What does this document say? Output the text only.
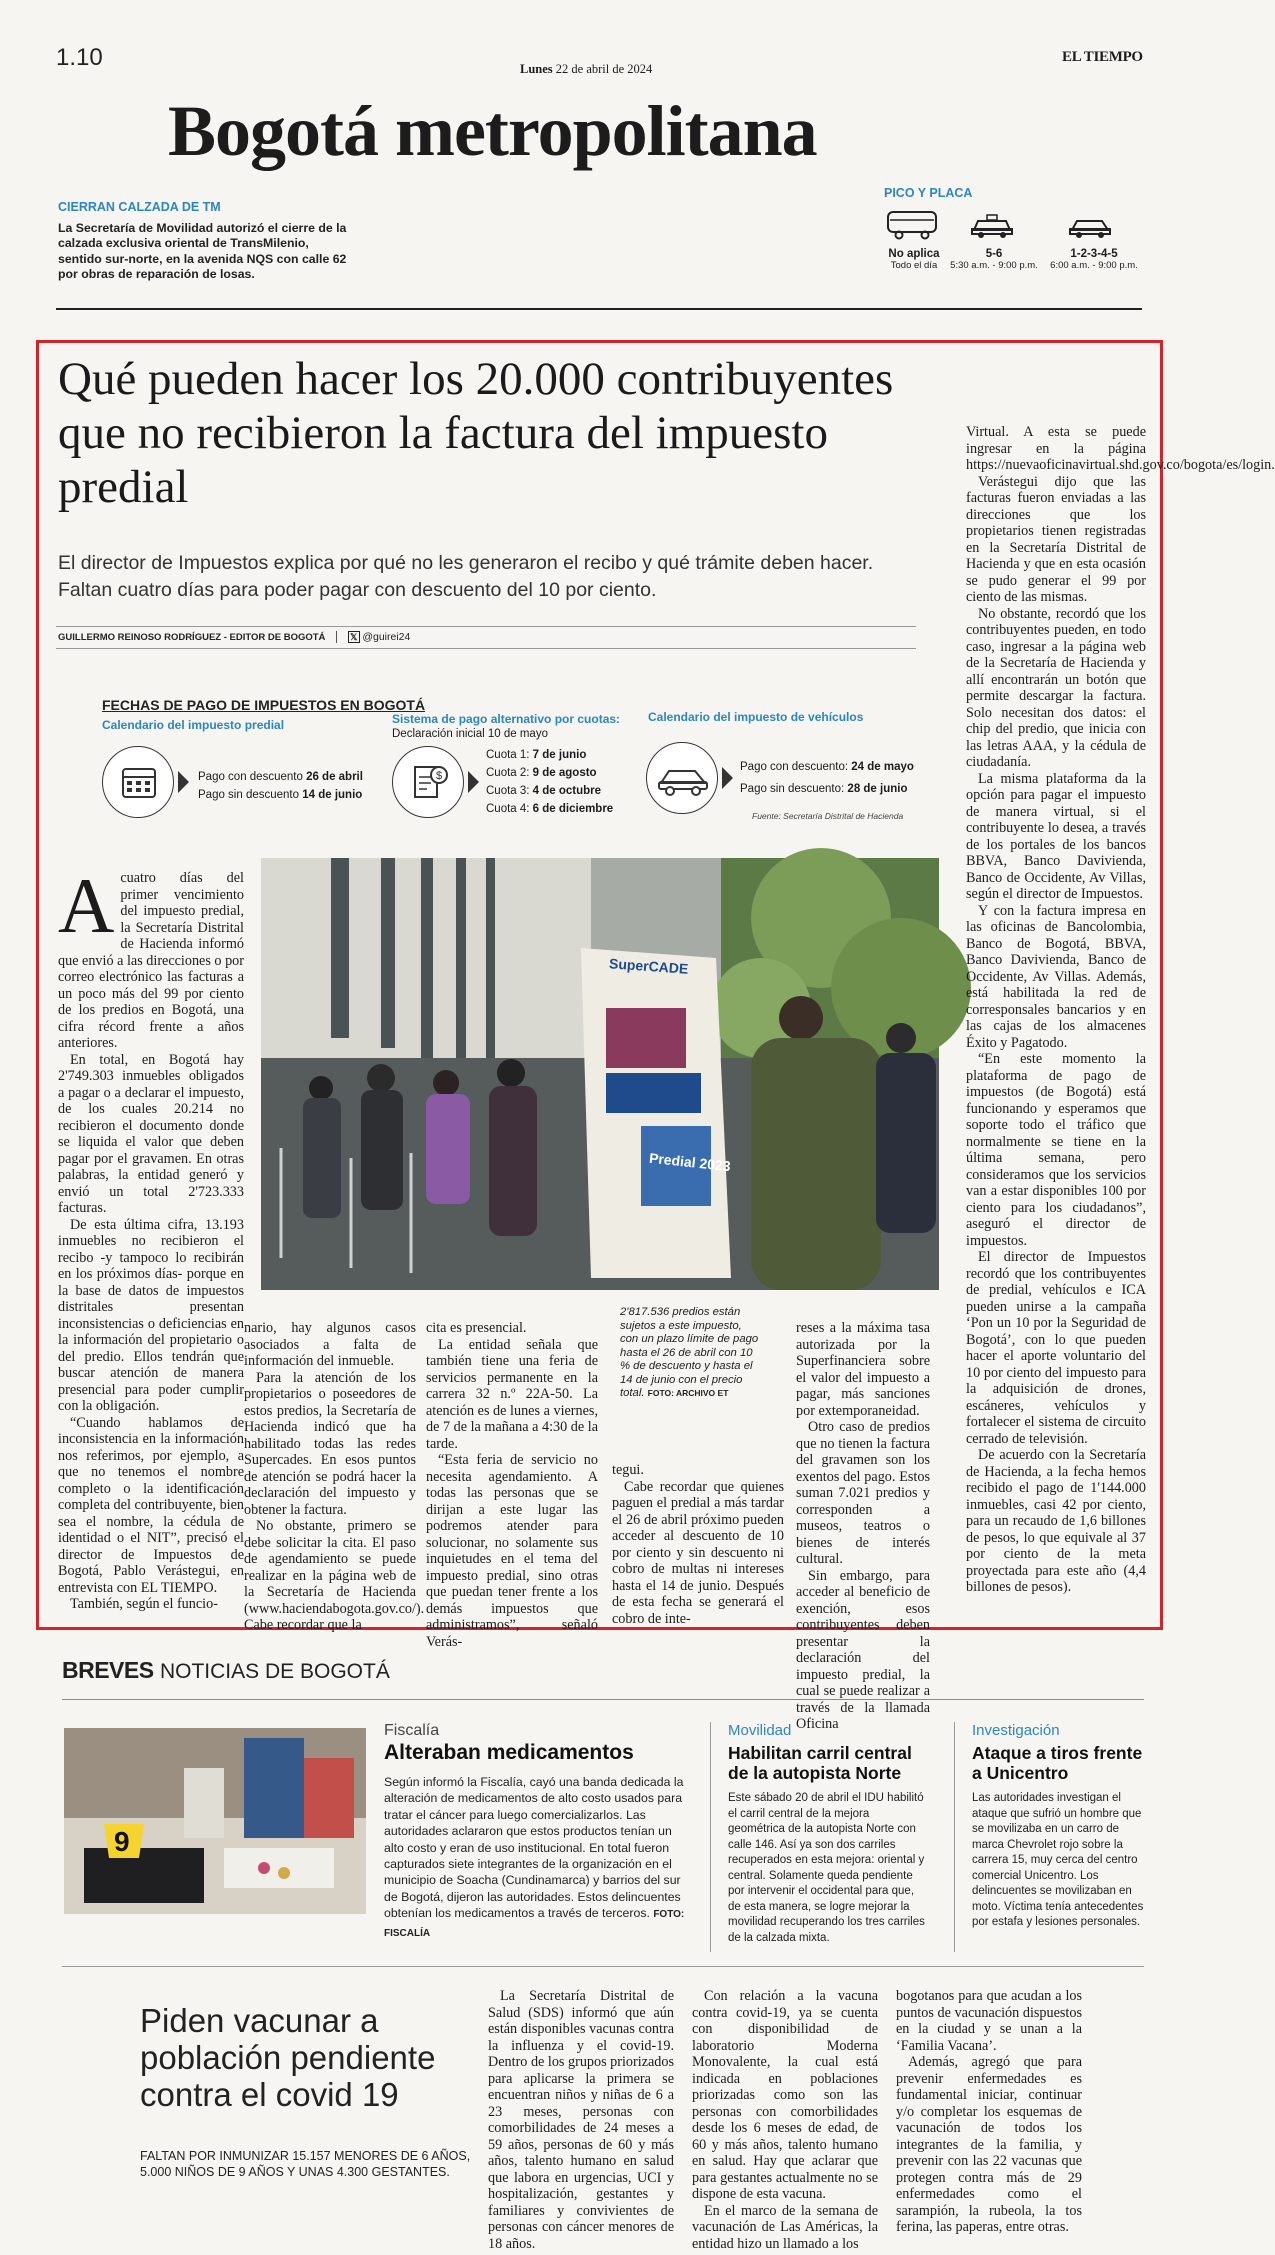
1.10	Lunes 22 de abril de 2024
EL TIEMPO
Bogotá metropolitana
CIERRAN CALZADA DE TM
La Secretaría de Movilidad autorizó el cierre de la calzada exclusiva oriental de TransMilenio, sentido sur-norte, en la avenida NQS con calle 62 por obras de reparación de losas.
PICO Y PLACA
No aplica
Todo el día
5-6
5:30 a.m. - 9:00 p.m.
1-2-3-4-5
6:00 a.m. - 9:00 p.m.
Qué pueden hacer los 20.000 contribuyentes que no recibieron la factura del impuesto predial
El director de Impuestos explica por qué no les generaron el recibo y qué trámite deben hacer. Faltan cuatro días para poder pagar con descuento del 10 por ciento.
GUILLERMO REINOSO RODRÍGUEZ - EDITOR DE BOGOTÁ	𝕏 @guirei24
FECHAS DE PAGO DE IMPUESTOS EN BOGOTÁ
Calendario del impuesto predial
Pago con descuento 26 de abril
Pago sin descuento 14 de junio
Sistema de pago alternativo por cuotas:
Declaración inicial 10 de mayo
$
Cuota 1: 7 de junio
Cuota 2: 9 de agosto
Cuota 3: 4 de octubre
Cuota 4: 6 de diciembre
Calendario del impuesto de vehículos
Pago con descuento: 24 de mayo
Pago sin descuento: 28 de junio
Fuente: Secretaría Distrital de Hacienda
SuperCADE
Predial 2023
2'817.536 predios están sujetos a este impuesto, con un plazo límite de pago hasta el 26 de abril con 10 % de descuento y hasta el 14 de junio con el precio total. FOTO: ARCHIVO ET
A cuatro días del primer vencimiento del impuesto predial, la Secretaría Distrital de Hacienda informó que envió a las direcciones o por correo electrónico las facturas a un poco más del 99 por ciento de los predios en Bogotá, una cifra récord frente a años anteriores.

En total, en Bogotá hay 2'749.303 inmuebles obligados a pagar o a declarar el impuesto, de los cuales 20.214 no recibieron el documento donde se liquida el valor que deben pagar por el gravamen. En otras palabras, la entidad generó y envió un total 2'723.333 facturas.

De esta última cifra, 13.193 inmuebles no recibieron el recibo -y tampoco lo recibirán en los próximos días- porque en la base de datos de impuestos distritales presentan inconsistencias o deficiencias en la información del propietario o del predio. Ellos tendrán que buscar atención de manera presencial para poder cumplir con la obligación.

“Cuando hablamos de inconsistencia en la información nos referimos, por ejemplo, a que no tenemos el nombre completo o la identificación completa del contribuyente, bien sea el nombre, la cédula de identidad o el NIT”, precisó el director de Impuestos de Bogotá, Pablo Verástegui, en entrevista con EL TIEMPO.

También, según el funcio-

nario, hay algunos casos asociados a falta de información del inmueble.

Para la atención de los propietarios o poseedores de estos predios, la Secretaría de Hacienda indicó que ha habilitado todas las redes Supercades. En esos puntos de atención se podrá hacer la declaración del impuesto y obtener la factura.

No obstante, primero se debe solicitar la cita. El paso de agendamiento se puede realizar en la página web de la Secretaría de Hacienda (www.haciendabogota.gov.co/). Cabe recordar que la

cita es presencial.

La entidad señala que también tiene una feria de servicios permanente en la carrera 32 n.º 22A-50. La atención es de lunes a viernes, de 7 de la mañana a 4:30 de la tarde.

“Esta feria de servicio no necesita agendamiento. A todas las personas que se dirijan a este lugar las podremos atender para solucionar, no solamente sus inquietudes en el tema del impuesto predial, sino otras que puedan tener frente a los demás impuestos que administramos”, señaló Verás-

tegui.

Cabe recordar que quienes paguen el predial a más tardar el 26 de abril próximo pueden acceder al descuento de 10 por ciento y sin descuento ni cobro de multas ni intereses hasta el 14 de junio. Después de esta fecha se generará el cobro de inte-

reses a la máxima tasa autorizada por la Superfinanciera sobre el valor del impuesto a pagar, más sanciones por extemporaneidad.

Otro caso de predios que no tienen la factura del gravamen son los exentos del pago. Estos suman 7.021 predios y corresponden a museos, teatros o bienes de interés cultural.

Sin embargo, para acceder al beneficio de exención, esos contribuyentes deben presentar la declaración del impuesto predial, la cual se puede realizar a través de la llamada Oficina

Virtual. A esta se puede ingresar en la página https://nuevaoficinavirtual.shd.gov.co/bogota/es/login.

Verástegui dijo que las facturas fueron enviadas a las direcciones que los propietarios tienen registradas en la Secretaría Distrital de Hacienda y que en esta ocasión se pudo generar el 99 por ciento de las mismas.

No obstante, recordó que los contribuyentes pueden, en todo caso, ingresar a la página web de la Secretaría de Hacienda y allí encontrarán un botón que permite descargar la factura. Solo necesitan dos datos: el chip del predio, que inicia con las letras AAA, y la cédula de ciudadanía.

La misma plataforma da la opción para pagar el impuesto de manera virtual, si el contribuyente lo desea, a través de los portales de los bancos BBVA, Banco Davivienda, Banco de Occidente, Av Villas, según el director de Impuestos.

Y con la factura impresa en las oficinas de Bancolombia, Banco de Bogotá, BBVA, Banco Davivienda, Banco de Occidente, Av Villas. Además, está habilitada la red de corresponsales bancarios y en las cajas de los almacenes Éxito y Pagatodo.

“En este momento la plataforma de pago de impuestos (de Bogotá) está funcionando y esperamos que soporte todo el tráfico que normalmente se tiene en la última semana, pero consideramos que los servicios van a estar disponibles 100 por ciento para los ciudadanos”, aseguró el director de impuestos.

El director de Impuestos recordó que los contribuyentes de predial, vehículos e ICA pueden unirse a la campaña ‘Pon un 10 por la Seguridad de Bogotá’, con lo que pueden hacer el aporte voluntario del 10 por ciento del impuesto para la adquisición de drones, escáneres, vehículos y fortalecer el sistema de circuito cerrado de televisión.

De acuerdo con la Secretaría de Hacienda, a la fecha hemos recibido el pago de 1'144.000 inmuebles, casi 42 por ciento, para un recaudo de 1,6 billones de pesos, lo que equivale al 37 por ciento de la meta proyectada para este año (4,4 billones de pesos).

BREVES NOTICIAS DE BOGOTÁ
9
Fiscalía
Alteraban medicamentos
Según informó la Fiscalía, cayó una banda dedicada la alteración de medicamentos de alto costo usados para tratar el cáncer para luego comercializarlos. Las autoridades aclararon que estos productos tenían un alto costo y eran de uso institucional. En total fueron capturados siete integrantes de la organización en el municipio de Soacha (Cundinamarca) y barrios del sur de Bogotá, dijeron las autoridades. Estos delincuentes obtenían los medicamentos a través de terceros. FOTO: FISCALÍA
Movilidad
Habilitan carril central de la autopista Norte
Este sábado 20 de abril el IDU habilitó el carril central de la mejora geométrica de la autopista Norte con calle 146. Así ya son dos carriles recuperados en esta mejora: oriental y central. Solamente queda pendiente por intervenir el occidental para que, de esta manera, se logre mejorar la movilidad recuperando los tres carriles de la calzada mixta.
Investigación
Ataque a tiros frente a Unicentro
Las autoridades investigan el ataque que sufrió un hombre que se movilizaba en un carro de marca Chevrolet rojo sobre la carrera 15, muy cerca del centro comercial Unicentro. Los delincuentes se movilizaban en moto. Víctima tenía antecedentes por estafa y lesiones personales.
Piden vacunar a población pendiente contra el covid 19
FALTAN POR INMUNIZAR 15.157 MENORES DE 6 AÑOS, 5.000 NIÑOS DE 9 AÑOS Y UNAS 4.300 GESTANTES.

La Secretaría Distrital de Salud (SDS) informó que aún están disponibles vacunas contra la influenza y el covid-19. Dentro de los grupos priorizados para aplicarse la primera se encuentran niños y niñas de 6 a 23 meses, personas con comorbilidades de 24 meses a 59 años, personas de 60 y más años, talento humano en salud que labora en urgencias, UCI y hospitalización, gestantes y familiares y convivientes de personas con cáncer menores de 18 años.

Con relación a la vacuna contra covid-19, ya se cuenta con disponibilidad de laboratorio Moderna Monovalente, la cual está indicada en poblaciones priorizadas como son las personas con comorbilidades desde los 6 meses de edad, de 60 y más años, talento humano en salud. Hay que aclarar que para gestantes actualmente no se dispone de esta vacuna.

En el marco de la semana de vacunación de Las Américas, la entidad hizo un llamado a los

bogotanos para que acudan a los puntos de vacunación dispuestos en la ciudad y se unan a la ‘Familia Vacana’.

Además, agregó que para prevenir enfermedades es fundamental iniciar, continuar y/o completar los esquemas de vacunación de todos los integrantes de la familia, y prevenir con las 22 vacunas que protegen contra más de 29 enfermedades como el sarampión, la rubeola, la tos ferina, las paperas, entre otras.
